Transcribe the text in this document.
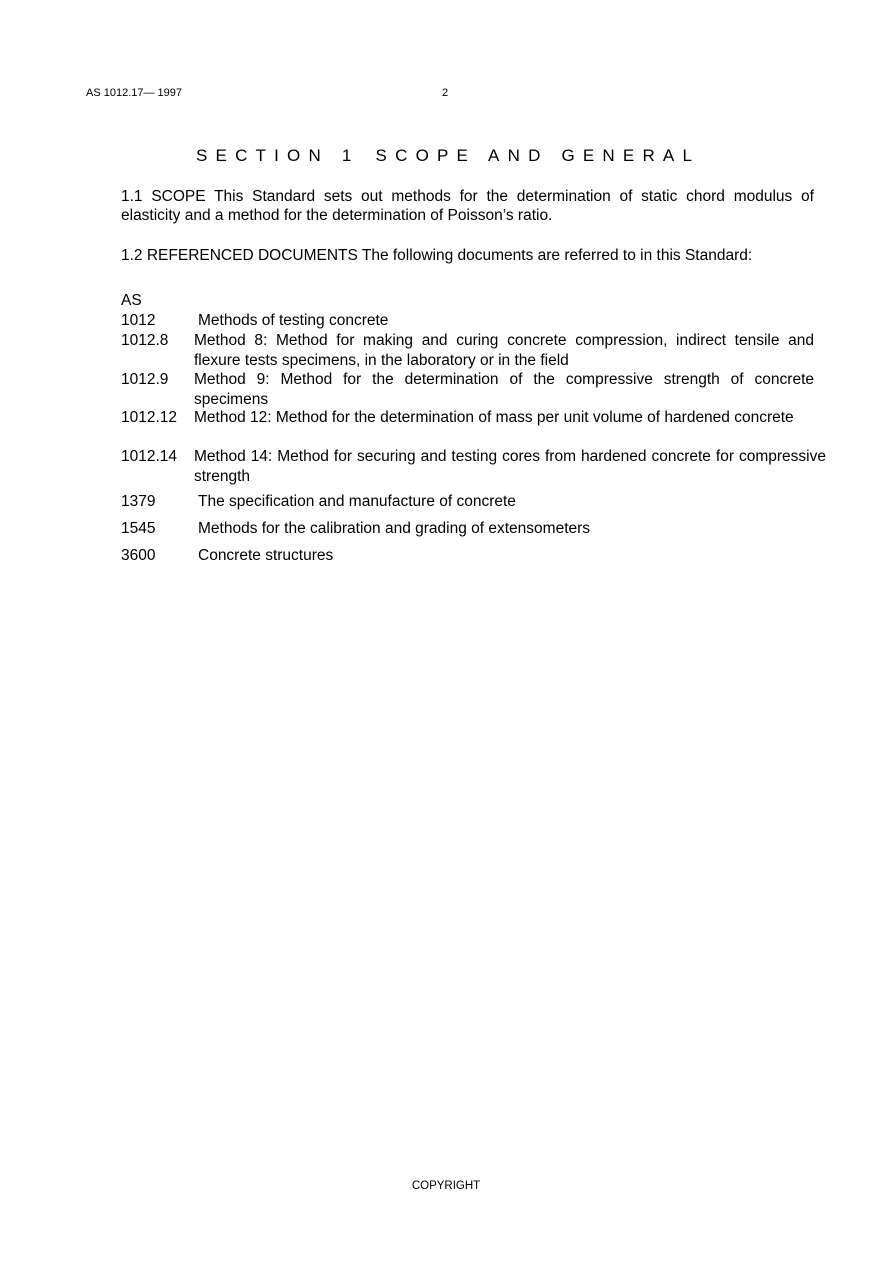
AS 1012.17— 1997	2
SECTION 1 SCOPE AND GENERAL
1.1 SCOPE This Standard sets out methods for the determination of static chord modulus of elasticity and a method for the determination of Poisson’s ratio.
1.2 REFERENCED DOCUMENTS The following documents are referred to in this Standard:
AS
1012	Methods of testing concrete
1012.8 Method 8: Method for making and curing concrete compression, indirect tensile and flexure tests specimens, in the laboratory or in the field
1012.9 Method 9: Method for the determination of the compressive strength of concrete specimens
1012.12 Method 12: Method for the determination of mass per unit volume of hardened concrete
1012.14 Method 14: Method for securing and testing cores from hardened concrete for compressive strength
1379	The specification and manufacture of concrete
1545	Methods for the calibration and grading of extensometers
3600	Concrete structures
COPYRIGHT
